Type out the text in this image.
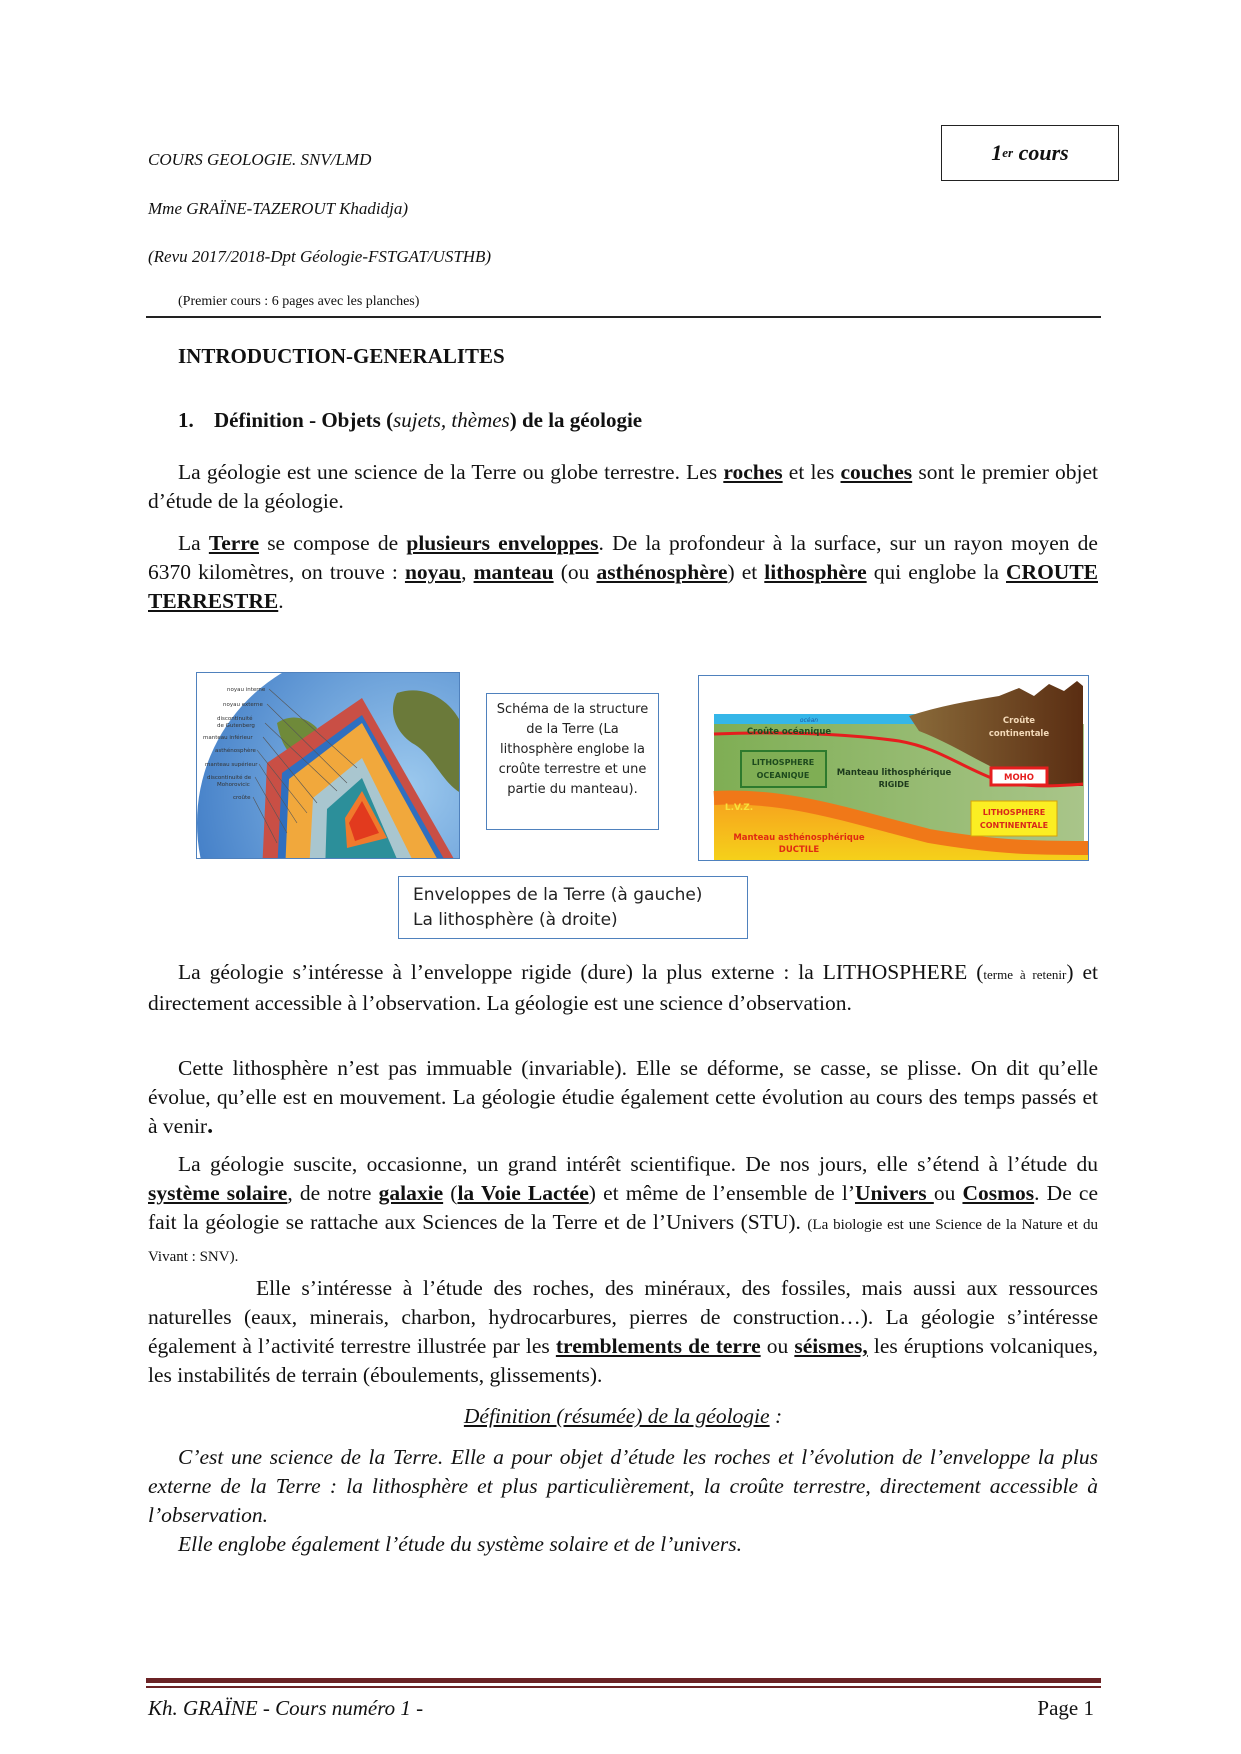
COURS GEOLOGIE. SNV/LMD
Mme GRAÏNE-TAZEROUT Khadidja)
(Revu 2017/2018-Dpt Géologie-FSTGAT/USTHB)
1 er
cours
(Premier cours : 6 pages avec les planches)
INTRODUCTION-GENERALITES
1. Définition - Objets (sujets, thèmes) de la géologie
La géologie est une science de la Terre ou globe terrestre. Les roches et les couches sont le premier objet d’étude de la géologie.
La Terre se compose de plusieurs enveloppes. De la profondeur à la surface, sur un rayon moyen de 6370 kilomètres, on trouve : noyau, manteau (ou asthénosphère) et lithosphère qui englobe la CROUTE TERRESTRE.
noyau interne
noyau externe
discontinuité
de Gutenberg
manteau inférieur
asthénosphère
manteau supérieur
discontinuité de
Mohorovicic
croûte
Schéma de la structure de la Terre (La lithosphère englobe la croûte terrestre et une partie du manteau).
océan
Croûte océanique
Croûte
continentale
LITHOSPHERE
OCEANIQUE	MOHO
Manteau lithosphérique
RIGIDE
L.V.Z.	LITHOSPHERE
CONTINENTALE
Manteau asthénosphérique
DUCTILE
Enveloppes de la Terre (à gauche)
La lithosphère (à droite)
La géologie s’intéresse à l’enveloppe rigide (dure) la plus externe : la LITHOSPHERE (terme à retenir) et directement accessible à l’observation. La géologie est une science d’observation.
Cette lithosphère n’est pas immuable (invariable). Elle se déforme, se casse, se plisse. On dit qu’elle évolue, qu’elle est en mouvement. La géologie étudie également cette évolution au cours des temps passés et à venir.
La géologie suscite, occasionne, un grand intérêt scientifique. De nos jours, elle s’étend à l’étude du système solaire, de notre galaxie (la Voie Lactée) et même de l’ensemble de l’Univers ou Cosmos. De ce fait la géologie se rattache aux Sciences de la Terre et de l’Univers (STU). (La biologie est une Science de la Nature et du Vivant : SNV).
Elle s’intéresse à l’étude des roches, des minéraux, des fossiles, mais aussi aux ressources naturelles (eaux, minerais, charbon, hydrocarbures, pierres de construction…). La géologie s’intéresse également à l’activité terrestre illustrée par les tremblements de terre ou séismes, les éruptions volcaniques, les instabilités de terrain (éboulements, glissements).
Définition (résumée) de la géologie :
C’est une science de la Terre. Elle a pour objet d’étude les roches et l’évolution de l’enveloppe la plus externe de la Terre : la lithosphère et plus particulièrement, la croûte terrestre, directement accessible à l’observation.
Elle englobe également l’étude du système solaire et de l’univers.
Kh. GRAÏNE - Cours numéro 1 -	Page 1
